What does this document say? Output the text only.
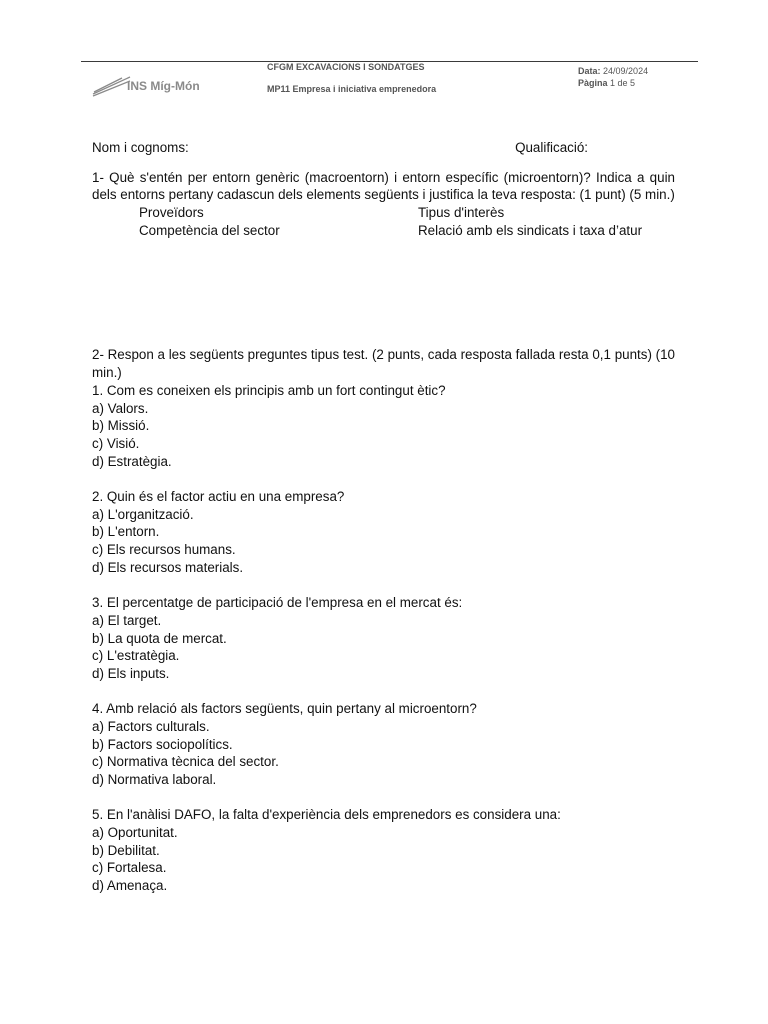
INS Míg-Món
CFGM EXCAVACIONS I SONDATGES
MP11 Empresa i iniciativa emprenedora
Data: 24/09/2024
Pàgina 1 de 5
Nom i cognoms:	Qualificació:
1- Què s'entén per entorn genèric (macroentorn) i entorn específic (microentorn)? Indica a quin dels entorns pertany cadascun dels elements següents i justifica la teva resposta: (1 punt) (5 min.)
Proveïdors	Tipus d'interès
Competència del sector	Relació amb els sindicats i taxa d’atur
2- Respon a les següents preguntes tipus test. (2 punts, cada resposta fallada resta 0,1 punts) (10 min.)
1. Com es coneixen els principis amb un fort contingut ètic?
a) Valors.
b) Missió.
c) Visió.
d) Estratègia.
2. Quin és el factor actiu en una empresa?
a) L'organització.
b) L'entorn.
c) Els recursos humans.
d) Els recursos materials.
3. El percentatge de participació de l'empresa en el mercat és:
a) El target.
b) La quota de mercat.
c) L'estratègia.
d) Els inputs.
4. Amb relació als factors següents, quin pertany al microentorn?
a) Factors culturals.
b) Factors sociopolítics.
c) Normativa tècnica del sector.
d) Normativa laboral.
5. En l'anàlisi DAFO, la falta d'experiència dels emprenedors es considera una:
a) Oportunitat.
b) Debilitat.
c) Fortalesa.
d) Amenaça.
